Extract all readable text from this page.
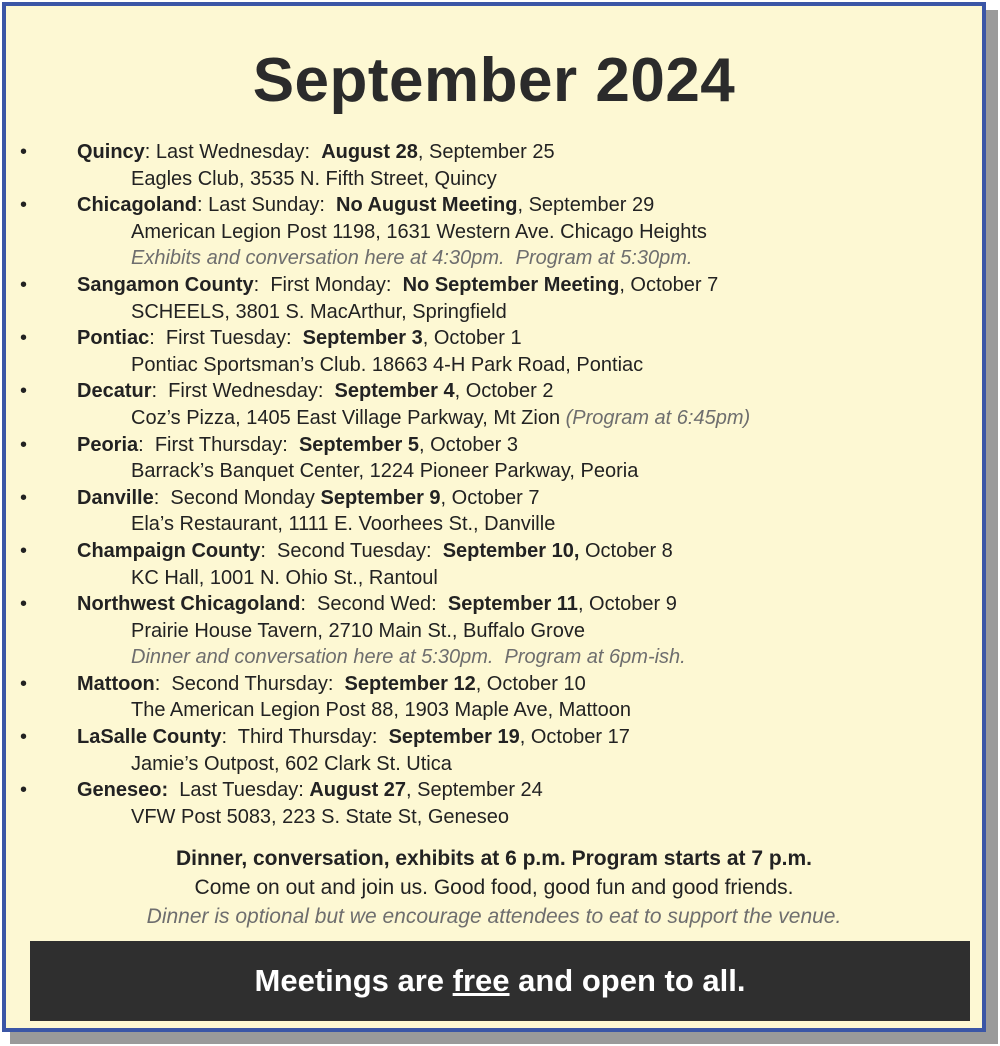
September 2024
• Quincy: Last Wednesday:  August 28, September 25
Eagles Club, 3535 N. Fifth Street, Quincy
• Chicagoland: Last Sunday:  No August Meeting, September 29
American Legion Post 1198, 1631 Western Ave. Chicago Heights
Exhibits and conversation here at 4:30pm.  Program at 5:30pm.
• Sangamon County:  First Monday:  No September Meeting, October 7
SCHEELS, 3801 S. MacArthur, Springfield
• Pontiac:  First Tuesday:  September 3, October 1
Pontiac Sportsman’s Club. 18663 4-H Park Road, Pontiac
• Decatur:  First Wednesday:  September 4, October 2
Coz’s Pizza, 1405 East Village Parkway, Mt Zion (Program at 6:45pm)
• Peoria:  First Thursday:  September 5, October 3
Barrack’s Banquet Center, 1224 Pioneer Parkway, Peoria
• Danville:  Second Monday September 9, October 7
Ela’s Restaurant, 1111 E. Voorhees St., Danville
• Champaign County:  Second Tuesday:  September 10, October 8
KC Hall, 1001 N. Ohio St., Rantoul
• Northwest Chicagoland:  Second Wed:  September 11, October 9
Prairie House Tavern, 2710 Main St., Buffalo Grove
Dinner and conversation here at 5:30pm.  Program at 6pm-ish.
• Mattoon:  Second Thursday:  September 12, October 10
The American Legion Post 88, 1903 Maple Ave, Mattoon
• LaSalle County:  Third Thursday:  September 19, October 17
Jamie’s Outpost, 602 Clark St. Utica
• Geneseo:  Last Tuesday: August 27, September 24
VFW Post 5083, 223 S. State St, Geneseo
Dinner, conversation, exhibits at 6 p.m. Program starts at 7 p.m.
Come on out and join us. Good food, good fun and good friends.
Dinner is optional but we encourage attendees to eat to support the venue.
Meetings are free and open to all.
